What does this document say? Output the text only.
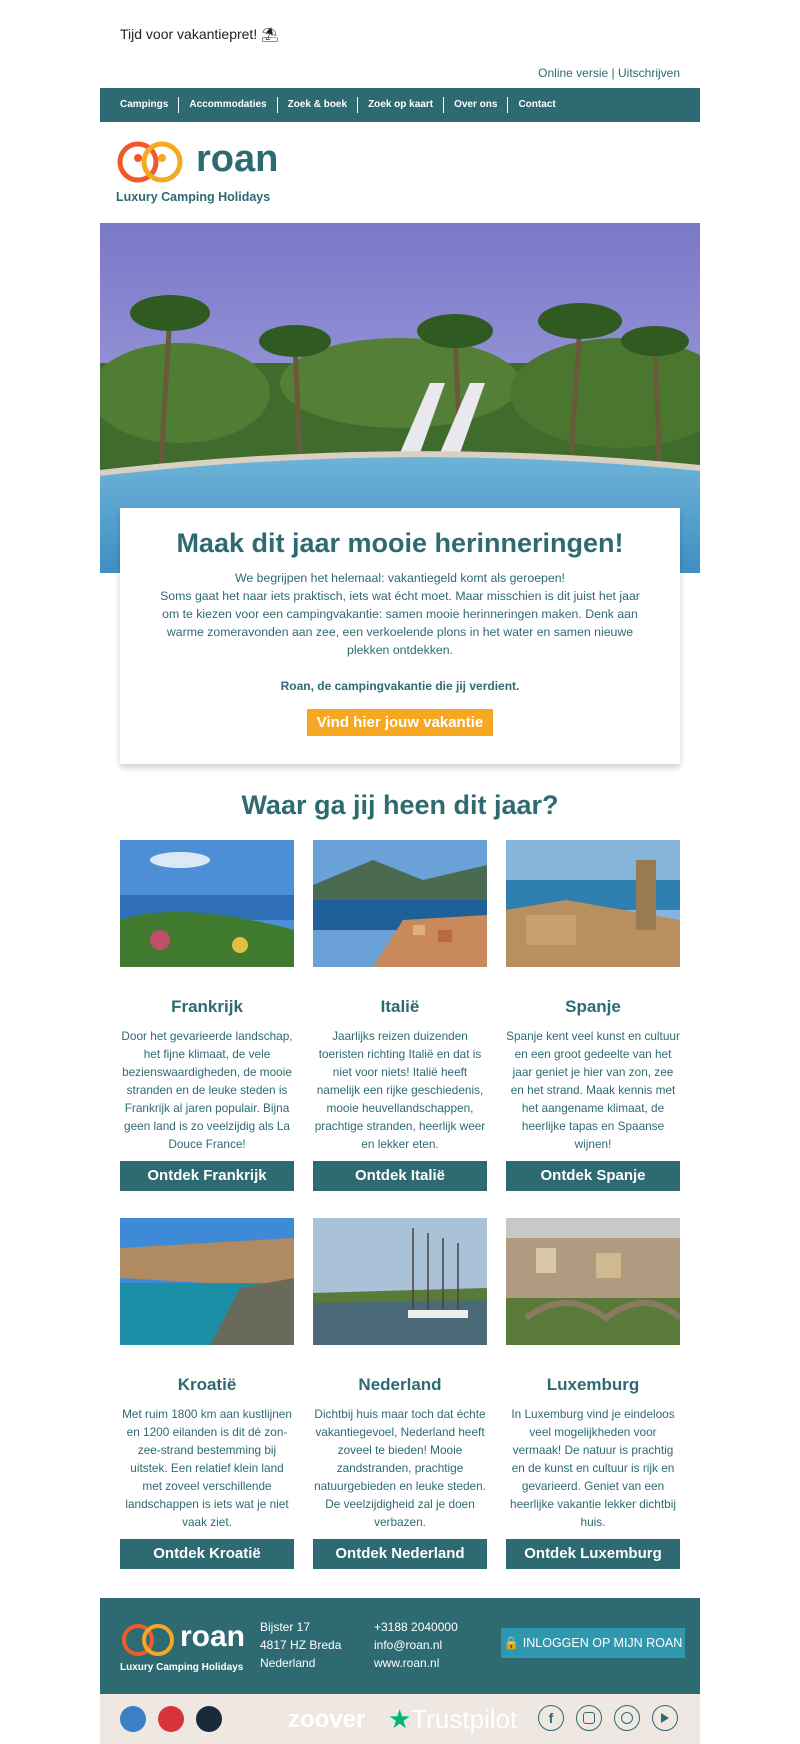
Tijd voor vakantiepret! ⛱
Online versie | Uitschrijven
Campings	Accommodaties	Zoek & boek	Zoek op kaart	Over ons	Contact
roan
Luxury Camping Holidays
Maak dit jaar mooie herinneringen!

We begrijpen het helemaal: vakantiegeld komt als geroepen!

Soms gaat het naar iets praktisch, iets wat écht moet. Maar misschien is dit juist het jaar om te kiezen voor een campingvakantie: samen mooie herinneringen maken. Denk aan warme zomeravonden aan zee, een verkoelende plons in het water en samen nieuwe plekken ontdekken.

Roan, de campingvakantie die jij verdient.

Vind hier jouw vakantie
Waar ga jij heen dit jaar?
Frankrijk
Door het gevarieerde landschap, het fijne klimaat, de vele bezienswaardigheden, de mooie stranden en de leuke steden is Frankrijk al jaren populair. Bijna geen land is zo veelzijdig als La Douce France!
Ontdek Frankrijk
Italië
Jaarlijks reizen duizenden toeristen richting Italië en dat is niet voor niets! Italië heeft namelijk een rijke geschiedenis, mooie heuvellandschappen, prachtige stranden, heerlijk weer en lekker eten.
Ontdek Italië
Spanje
Spanje kent veel kunst en cultuur en een groot gedeelte van het jaar geniet je hier van zon, zee en het strand. Maak kennis met het aangename klimaat, de heerlijke tapas en Spaanse wijnen!
Ontdek Spanje
Kroatië
Met ruim 1800 km aan kustlijnen en 1200 eilanden is dit dé zon-zee-strand bestemming bij uitstek. Een relatief klein land met zoveel verschillende landschappen is iets wat je niet vaak ziet.
Ontdek Kroatië
Nederland
Dichtbij huis maar toch dat échte vakantiegevoel, Nederland heeft zoveel te bieden! Mooie zandstranden, prachtige natuurgebieden en leuke steden. De veelzijdigheid zal je doen verbazen.
Ontdek Nederland
Luxemburg
In Luxemburg vind je eindeloos veel mogelijkheden voor vermaak! De natuur is prachtig en de kunst en cultuur is rijk en gevarieerd. Geniet van een heerlijke vakantie lekker dichtbij huis.
Ontdek Luxemburg
roan
Luxury Camping Holidays
Bijster 17
4817 HZ Breda
Nederland
+3188 2040000
info@roan.nl
www.roan.nl
🔒 INLOGGEN OP MIJN ROAN
zoover ★Trustpilot f
